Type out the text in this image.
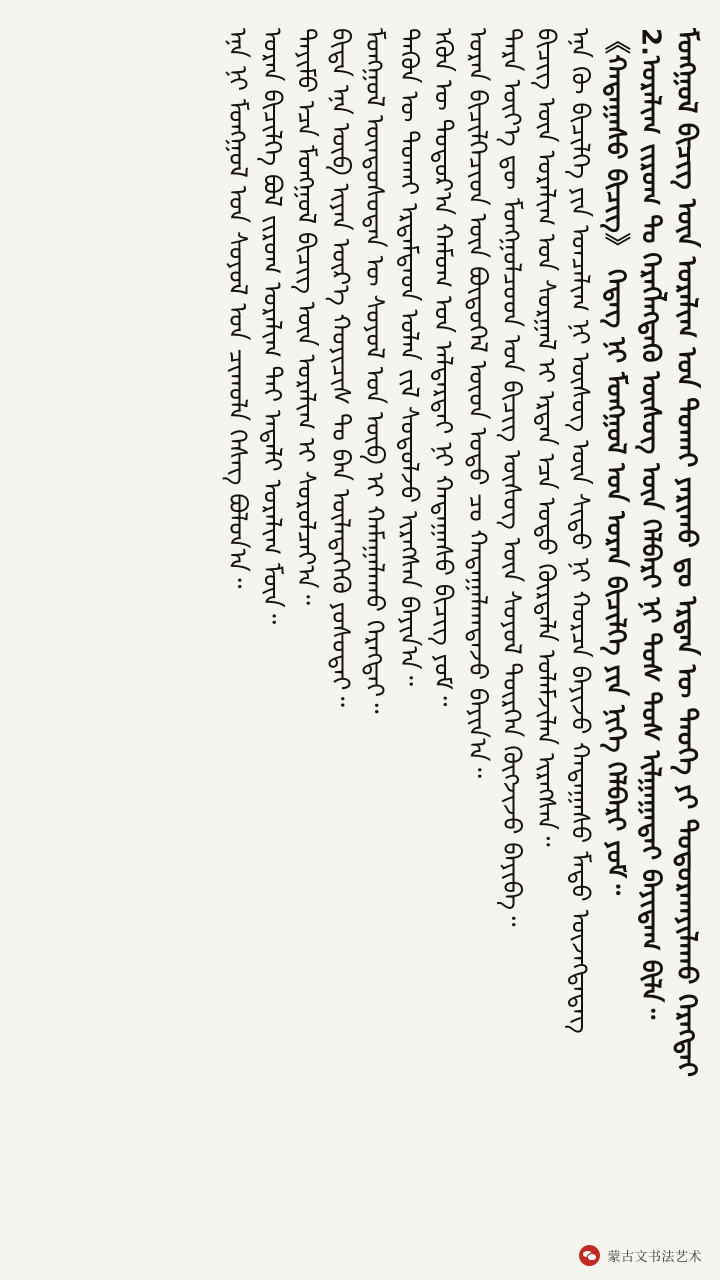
ᠮᠣᠩᠭᠣᠯ ᠪᠢᠴᠢᠭ ᠦᠨ ᠤᠷᠠᠯᠢᠭ ᠤᠨ ᠲᠤᠬᠠᠢ ᠶᠠᠷᠢᠬᠤ ᠳᠤ ᠡᠷᠲᠡᠨ ᠦ ᠲᠡᠦᠬᠡ ᠶᠢ ᠲᠣᠳᠣᠷᠬᠠᠶᠢᠯᠠᠬᠤ ᠬᠡᠷᠡᠭᠲᠡᠢ
2.ᠤᠷᠠᠯᠢᠭ ᠵᠢᠷᠤᠭ ᠲᠤ ᠬᠡᠷᠡᠭᠯᠡᠭᠳᠡᠬᠦ ᠦᠰᠦᠭ ᠦᠨ ᠬᠡᠯᠪᠡᠷᠢ ᠨᠢ ᠲᠤᠰ ᠲᠤᠰ ᠢᠯᠭᠠᠭᠠᠲᠠᠢ ᠪᠠᠶᠢᠳᠠᠭ ᠪᠢᠯᠡ᠃
《ᠬᠠᠳᠠᠭᠠᠰᠤ ᠪᠢᠴᠢᠭ》 ᠭᠡᠳᠡᠭ ᠨᠢ ᠮᠣᠩᠭᠣᠯ ᠤᠨ ᠤᠷᠠᠨ ᠪᠢᠴᠢᠯᠭᠡ ᠶᠢᠨ ᠨᠢᠭᠡ ᠬᠡᠯᠪᠡᠷᠢ ᠶᠤᠮ᠃
ᠡᠨᠡ ᠬᠦ ᠪᠢᠴᠢᠯᠭᠡ ᠶᠢᠨ ᠣᠨᠴᠠᠯᠢᠭ ᠨᠢ ᠦᠰᠦᠭ ᠦᠨ ᠰᠢᠳᠦ ᠨᠢ ᠬᠤᠷᠴᠠ ᠪᠠᠶᠢᠵᠤ ᠬᠠᠳᠠᠭᠠᠰᠤ ᠮᠡᠲᠦ ᠦᠵᠡᠭᠳᠡᠳᠡᠭ
ᠪᠢᠴᠢᠭ ᠦᠨ ᠤᠷᠠᠯᠢᠭ ᠤᠨ ᠰᠤᠷᠭᠠᠯ ᠢ ᠡᠷᠲᠡᠨ ᠡᠴᠡ ᠣᠳᠣ ᠬᠦᠷᠲᠡᠯᠡ ᠤᠯᠠᠮᠵᠢᠯᠠᠨ ᠢᠷᠡᠭᠰᠡᠨ᠃
ᠲᠡᠷᠡ ᠦᠶ᠎ᠡ ᠳᠦ ᠮᠣᠩᠭᠣᠯᠴᠤᠳ ᠤᠨ ᠪᠢᠴᠢᠭ ᠦᠰᠦᠭ ᠦᠨ ᠰᠤᠶᠤᠯ ᠲᠦᠷᠭᠡᠨ ᠬᠦᠭᠵᠢᠵᠦ ᠪᠠᠶᠢᠪᠠ᠃
ᠤᠷᠠᠨ ᠪᠢᠴᠢᠯᠭᠡᠴᠢᠳ ᠦᠨ ᠪᠦᠲᠦᠭᠡᠯ ᠦᠳ ᠣᠳᠣ ᠴᠤ ᠬᠠᠳᠠᠭᠠᠯᠠᠭᠳᠠᠵᠤ ᠪᠠᠶᠢᠨ᠎ᠠ᠃
ᠡᠭᠦᠨ ᠦ ᠳᠣᠲᠣᠷ᠎ᠠ ᠬᠠᠮᠤᠭ ᠤᠨ ᠠᠯᠳᠠᠷᠲᠠᠢ ᠨᠢ ᠬᠠᠳᠠᠭᠠᠰᠤ ᠪᠢᠴᠢᠭ ᠶᠤᠮ᠃
ᠲᠡᠭᠦᠨ ᠦ ᠲᠤᠬᠠᠢ ᠡᠷᠳᠡᠮᠲᠡᠳ ᠣᠯᠠᠨ ᠵᠢᠯ ᠰᠤᠳᠤᠯᠵᠤ ᠢᠷᠡᠭᠰᠡᠨ ᠪᠠᠶᠢᠨ᠎ᠠ᠃
ᠮᠣᠩᠭᠣᠯ ᠦᠨᠳᠦᠰᠦᠲᠡᠨ ᠦ ᠰᠤᠶᠤᠯ ᠤᠨ ᠦᠪ ᠢ ᠬᠠᠮᠠᠭᠠᠯᠠᠬᠤ ᠬᠡᠷᠡᠭᠲᠡᠢ᠃
ᠪᠢᠳᠡ ᠡᠨᠡ ᠦᠪ ᠢᠶᠡᠨ ᠦᠷ᠎ᠡ ᠬᠣᠶᠢᠴᠢᠰ ᠲᠤ ᠪᠠᠨ ᠦᠯᠡᠳᠡᠭᠡᠬᠦ ᠶᠣᠰᠣᠲᠠᠢ᠃
ᠲᠡᠶᠢᠮᠦ ᠡᠴᠡ ᠮᠣᠩᠭᠣᠯ ᠪᠢᠴᠢᠭ ᠦᠨ ᠤᠷᠠᠯᠢᠭ ᠢ ᠰᠤᠷᠤᠯᠴᠠᠶ᠎ᠠ᠃
ᠤᠷᠠᠨ ᠪᠢᠴᠢᠯᠭᠡ ᠪᠣᠯ ᠵᠢᠷᠤᠭ ᠤᠷᠠᠯᠢᠭ ᠲᠠᠢ ᠠᠳᠠᠯᠢ ᠤᠷᠠᠯᠢᠭ ᠮᠥᠨ᠃
ᠡᠨᠡ ᠨᠢ ᠮᠣᠩᠭᠣᠯ ᠤᠨ ᠰᠤᠶᠤᠯ ᠤᠨ ᠴᠢᠬᠤᠯᠠ ᠬᠡᠰᠡᠭ ᠪᠣᠯᠤᠨ᠎ᠠ᠃
蒙古文书法艺术
